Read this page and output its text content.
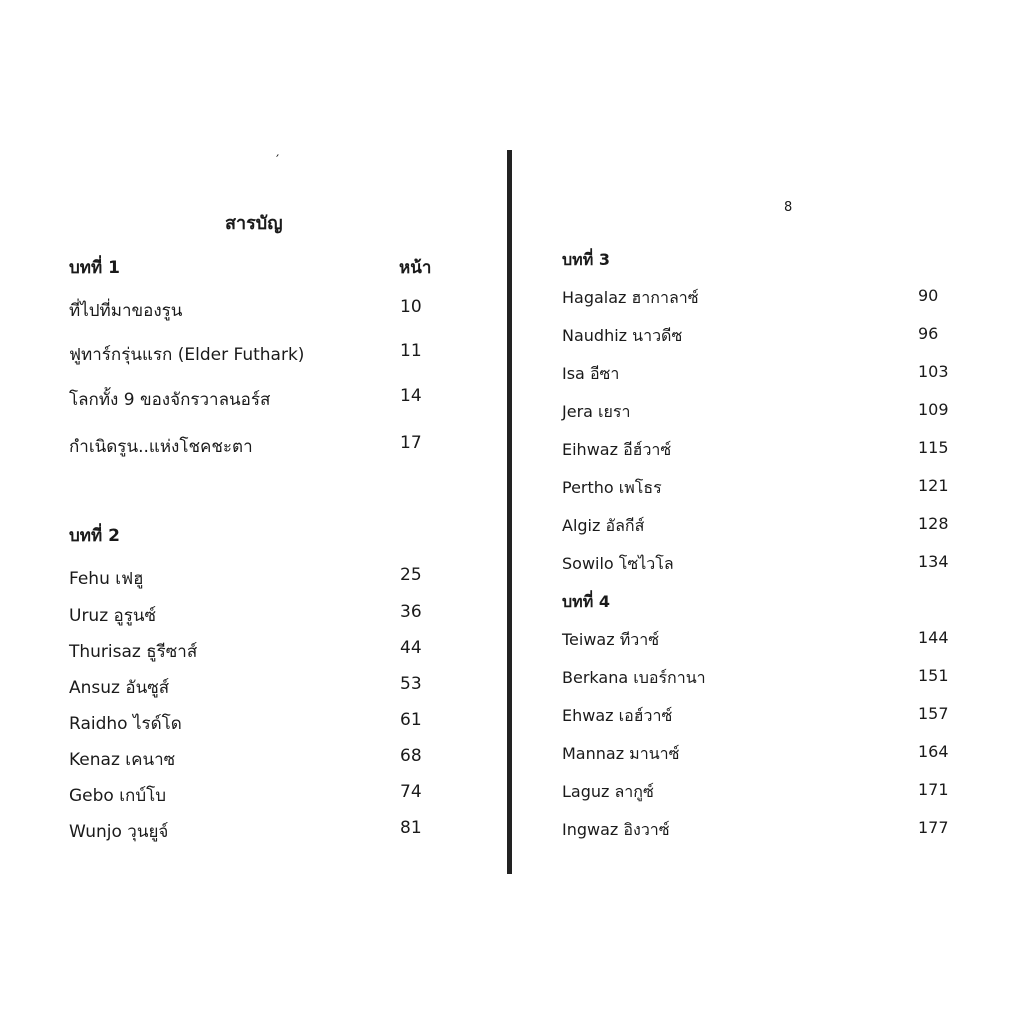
′
สารบัญ
บทที่ 1	หน้า
ที่ไปที่มาของรูน	10
ฟูทาร์กรุ่นแรก (Elder Futhark)	11
โลกทั้ง 9 ของจักรวาลนอร์ส	14
กำเนิดรูน..แห่งโชคชะตา	17
บทที่ 2
Fehu เฟฮู	25
Uruz อูรูนซ์	36
Thurisaz ธูรีซาส์	44
Ansuz อันซูส์	53
Raidho ไรด์โด	61
Kenaz เคนาซ	68
Gebo เกบ์โบ	74
Wunjo วุนยูจ์	81
8
บทที่ 3
Hagalaz ฮากาลาซ์	90
Naudhiz นาวดีซ	96
Isa อีซา	103
Jera เยรา	109
Eihwaz อีฮ์วาซ์	115
Pertho เพโธร	121
Algiz อัลกีส์	128
Sowilo โซไวโล	134
บทที่ 4
Teiwaz ทีวาซ์	144
Berkana เบอร์กานา	151
Ehwaz เอฮ์วาซ์	157
Mannaz มานาซ์	164
Laguz ลากูซ์	171
Ingwaz อิงวาซ์	177
